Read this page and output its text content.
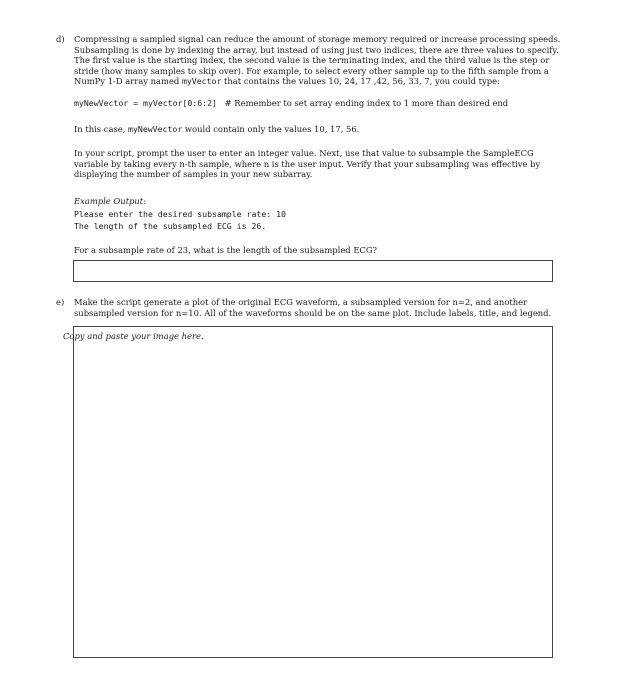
d) Compressing a sampled signal can reduce the amount of storage memory required or increase processing speeds.
Subsampling is done by indexing the array, but instead of using just two indices, there are three values to specify.
The first value is the starting index, the second value is the terminating index, and the third value is the step or
stride (how many samples to skip over). For example, to select every other sample up to the fifth sample from a
NumPy 1-D array named myVector that contains the values 10, 24, 17 ,42, 56, 33, 7, you could type:
myNewVector = myVector[0:6:2] # Remember to set array ending index to 1 more than desired end
In this case, myNewVector would contain only the values 10, 17, 56.
In your script, prompt the user to enter an integer value. Next, use that value to subsample the SampleECG
variable by taking every n-th sample, where n is the user input. Verify that your subsampling was effective by
displaying the number of samples in your new subarray.
Example Output:
Please enter the desired subsample rate: 10
The length of the subsampled ECG is 26.
For a subsample rate of 23, what is the length of the subsampled ECG?
e) Make the script generate a plot of the original ECG waveform, a subsampled version for n=2, and another
subsampled version for n=10. All of the waveforms should be on the same plot. Include labels, title, and legend.
Copy and paste your image here.
